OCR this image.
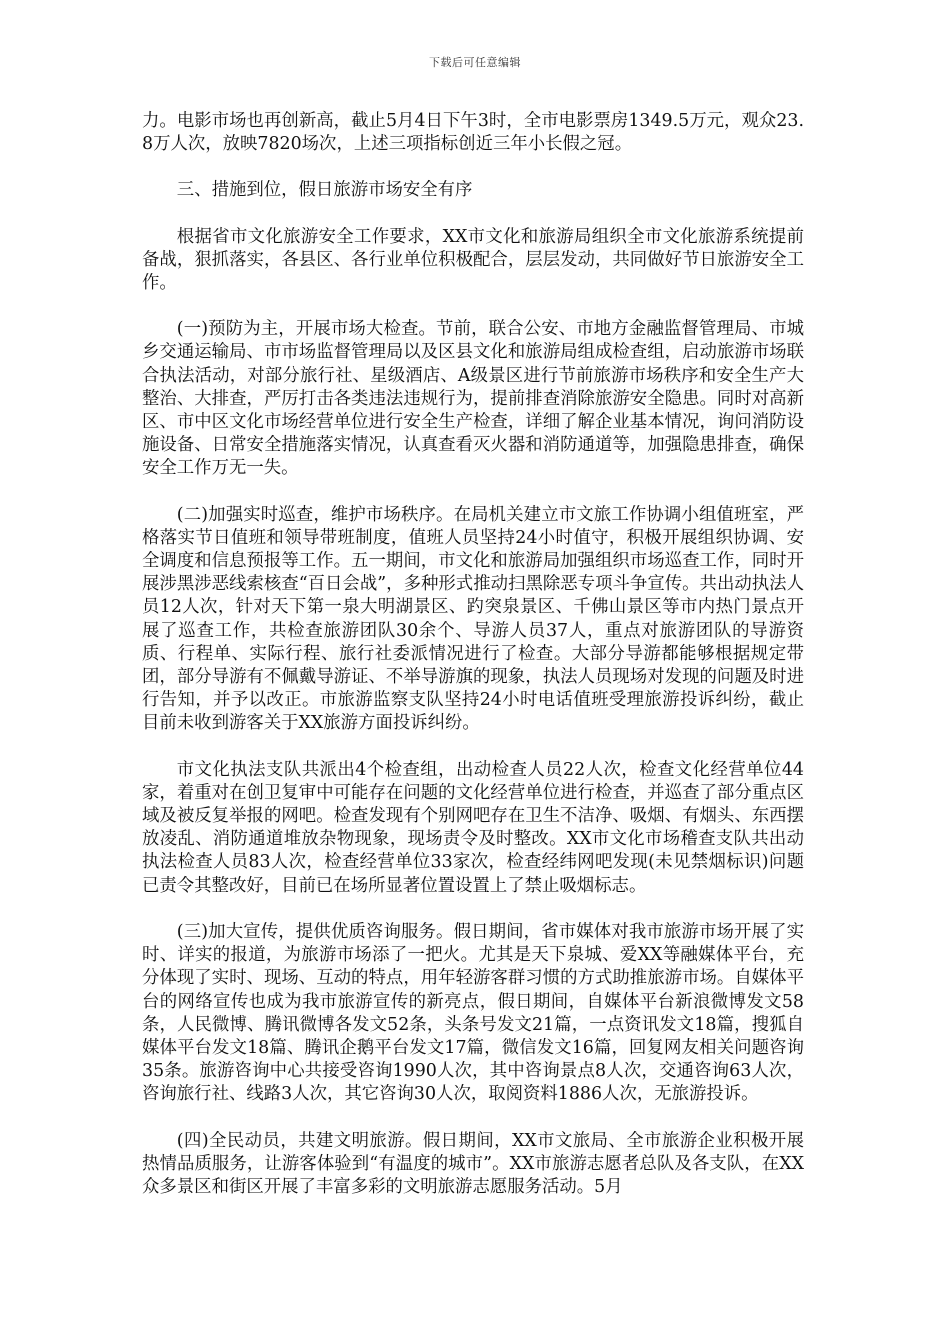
下载后可任意编辑

力。电影市场也再创新高，截止5月4日下午3时，全市电影票房1349.5万元，观众23.8万人次，放映7820场次，上述三项指标创近三年小长假之冠。

三、措施到位，假日旅游市场安全有序

根据省市文化旅游安全工作要求，XX市文化和旅游局组织全市文化旅游系统提前备战，狠抓落实，各县区、各行业单位积极配合，层层发动，共同做好节日旅游安全工作。

(一)预防为主，开展市场大检查。节前，联合公安、市地方金融监督管理局、市城乡交通运输局、市市场监督管理局以及区县文化和旅游局组成检查组，启动旅游市场联合执法活动，对部分旅行社、星级酒店、A级景区进行节前旅游市场秩序和安全生产大整治、大排查，严厉打击各类违法违规行为，提前排查消除旅游安全隐患。同时对高新区、市中区文化市场经营单位进行安全生产检查，详细了解企业基本情况，询问消防设施设备、日常安全措施落实情况，认真查看灭火器和消防通道等，加强隐患排查，确保安全工作万无一失。

(二)加强实时巡查，维护市场秩序。在局机关建立市文旅工作协调小组值班室，严格落实节日值班和领导带班制度，值班人员坚持24小时值守，积极开展组织协调、安全调度和信息预报等工作。五一期间，市文化和旅游局加强组织市场巡查工作，同时开展涉黑涉恶线索核查“百日会战”，多种形式推动扫黑除恶专项斗争宣传。共出动执法人员12人次，针对天下第一泉大明湖景区、趵突泉景区、千佛山景区等市内热门景点开展了巡查工作，共检查旅游团队30余个、导游人员37人，重点对旅游团队的导游资质、行程单、实际行程、旅行社委派情况进行了检查。大部分导游都能够根据规定带团，部分导游有不佩戴导游证、不举导游旗的现象，执法人员现场对发现的问题及时进行告知，并予以改正。市旅游监察支队坚持24小时电话值班受理旅游投诉纠纷，截止目前未收到游客关于XX旅游方面投诉纠纷。

市文化执法支队共派出4个检查组，出动检查人员22人次，检查文化经营单位44家，着重对在创卫复审中可能存在问题的文化经营单位进行检查，并巡查了部分重点区域及被反复举报的网吧。检查发现有个别网吧存在卫生不洁净、吸烟、有烟头、东西摆放凌乱、消防通道堆放杂物现象，现场责令及时整改。XX市文化市场稽查支队共出动执法检查人员83人次，检查经营单位33家次，检查经纬网吧发现(未见禁烟标识)问题已责令其整改好，目前已在场所显著位置设置上了禁止吸烟标志。

(三)加大宣传，提供优质咨询服务。假日期间，省市媒体对我市旅游市场开展了实时、详实的报道，为旅游市场添了一把火。尤其是天下泉城、爱XX等融媒体平台，充分体现了实时、现场、互动的特点，用年轻游客群习惯的方式助推旅游市场。自媒体平台的网络宣传也成为我市旅游宣传的新亮点，假日期间，自媒体平台新浪微博发文58条，人民微博、腾讯微博各发文52条，头条号发文21篇，一点资讯发文18篇，搜狐自媒体平台发文18篇、腾讯企鹅平台发文17篇，微信发文16篇，回复网友相关问题咨询35条。旅游咨询中心共接受咨询1990人次，其中咨询景点8人次，交通咨询63人次，咨询旅行社、线路3人次，其它咨询30人次，取阅资料1886人次，无旅游投诉。

(四)全民动员，共建文明旅游。假日期间，XX市文旅局、全市旅游企业积极开展热情品质服务，让游客体验到“有温度的城市”。XX市旅游志愿者总队及各支队，在XX众多景区和街区开展了丰富多彩的文明旅游志愿服务活动。5月
